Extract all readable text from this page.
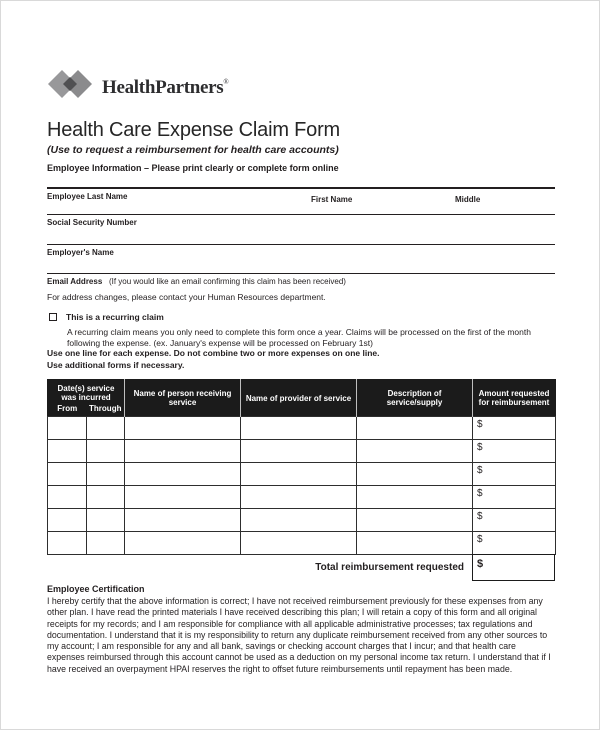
HealthPartners®
Health Care Expense Claim Form
(Use to request a reimbursement for health care accounts)
Employee Information – Please print clearly or complete form online
Employee Last Name	First Name	Middle
Social Security Number
Employer's Name
Email Address (If you would like an email confirming this claim has been received)
For address changes, please contact your Human Resources department.
This is a recurring claim
A recurring claim means you only need to complete this form once a year. Claims will be processed on the first of the month following the expense. (ex. January's expense will be processed on February 1st)
Use one line for each expense. Do not combine two or more expenses on one line.
Use additional forms if necessary.
Date(s) service was incurred		Name of person receiving service	Name of provider of service	Description of service/supply	Amount requested for reimbursement
From	Through				
					$
					$
					$
					$
					$
					$
Total reimbursement requested	$
Employee Certification
I hereby certify that the above information is correct; I have not received reimbursement previously for these expenses from any other plan. I have read the printed materials I have received describing this plan; I will retain a copy of this form and all original receipts for my records; and I am responsible for compliance with all applicable administrative processes; tax regulations and documentation. I understand that it is my responsibility to return any duplicate reimbursement received from any other sources to my account; I am responsible for any and all bank, savings or checking account charges that I incur; and that health care expenses reimbursed through this account cannot be used as a deduction on my personal income tax return. I understand that if I have received an overpayment HPAI reserves the right to offset future reimbursements until repayment has been made.
